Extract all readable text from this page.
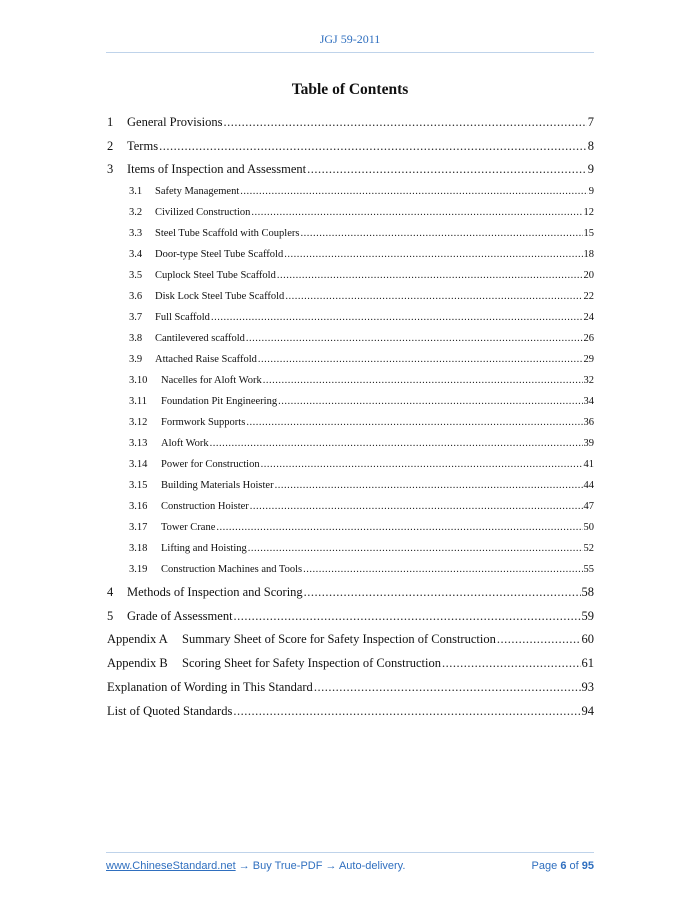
JGJ 59-2011
Table of Contents
1 General Provisions .....	7
2 Terms .....	8
3 Items of Inspection and Assessment .....	9
3.1 Safety Management .....	9
3.2 Civilized Construction .....	12
3.3 Steel Tube Scaffold with Couplers .....	15
3.4 Door-type Steel Tube Scaffold .....	18
3.5 Cuplock Steel Tube Scaffold .....	20
3.6 Disk Lock Steel Tube Scaffold .....	22
3.7 Full Scaffold .....	24
3.8 Cantilevered scaffold .....	26
3.9 Attached Raise Scaffold .....	29
3.10 Nacelles for Aloft Work .....	32
3.11 Foundation Pit Engineering .....	34
3.12 Formwork Supports .....	36
3.13 Aloft Work .....	39
3.14 Power for Construction .....	41
3.15 Building Materials Hoister .....	44
3.16 Construction Hoister .....	47
3.17 Tower Crane .....	50
3.18 Lifting and Hoisting .....	52
3.19 Construction Machines and Tools .....	55
4 Methods of Inspection and Scoring .....	58
5 Grade of Assessment .....	59
Appendix A Summary Sheet of Score for Safety Inspection of Construction .....	60
Appendix B Scoring Sheet for Safety Inspection of Construction .....	61
Explanation of Wording in This Standard .....	93
List of Quoted Standards .....	94
www.ChineseStandard.net → Buy True-PDF → Auto-delivery.	Page 6 of 95
